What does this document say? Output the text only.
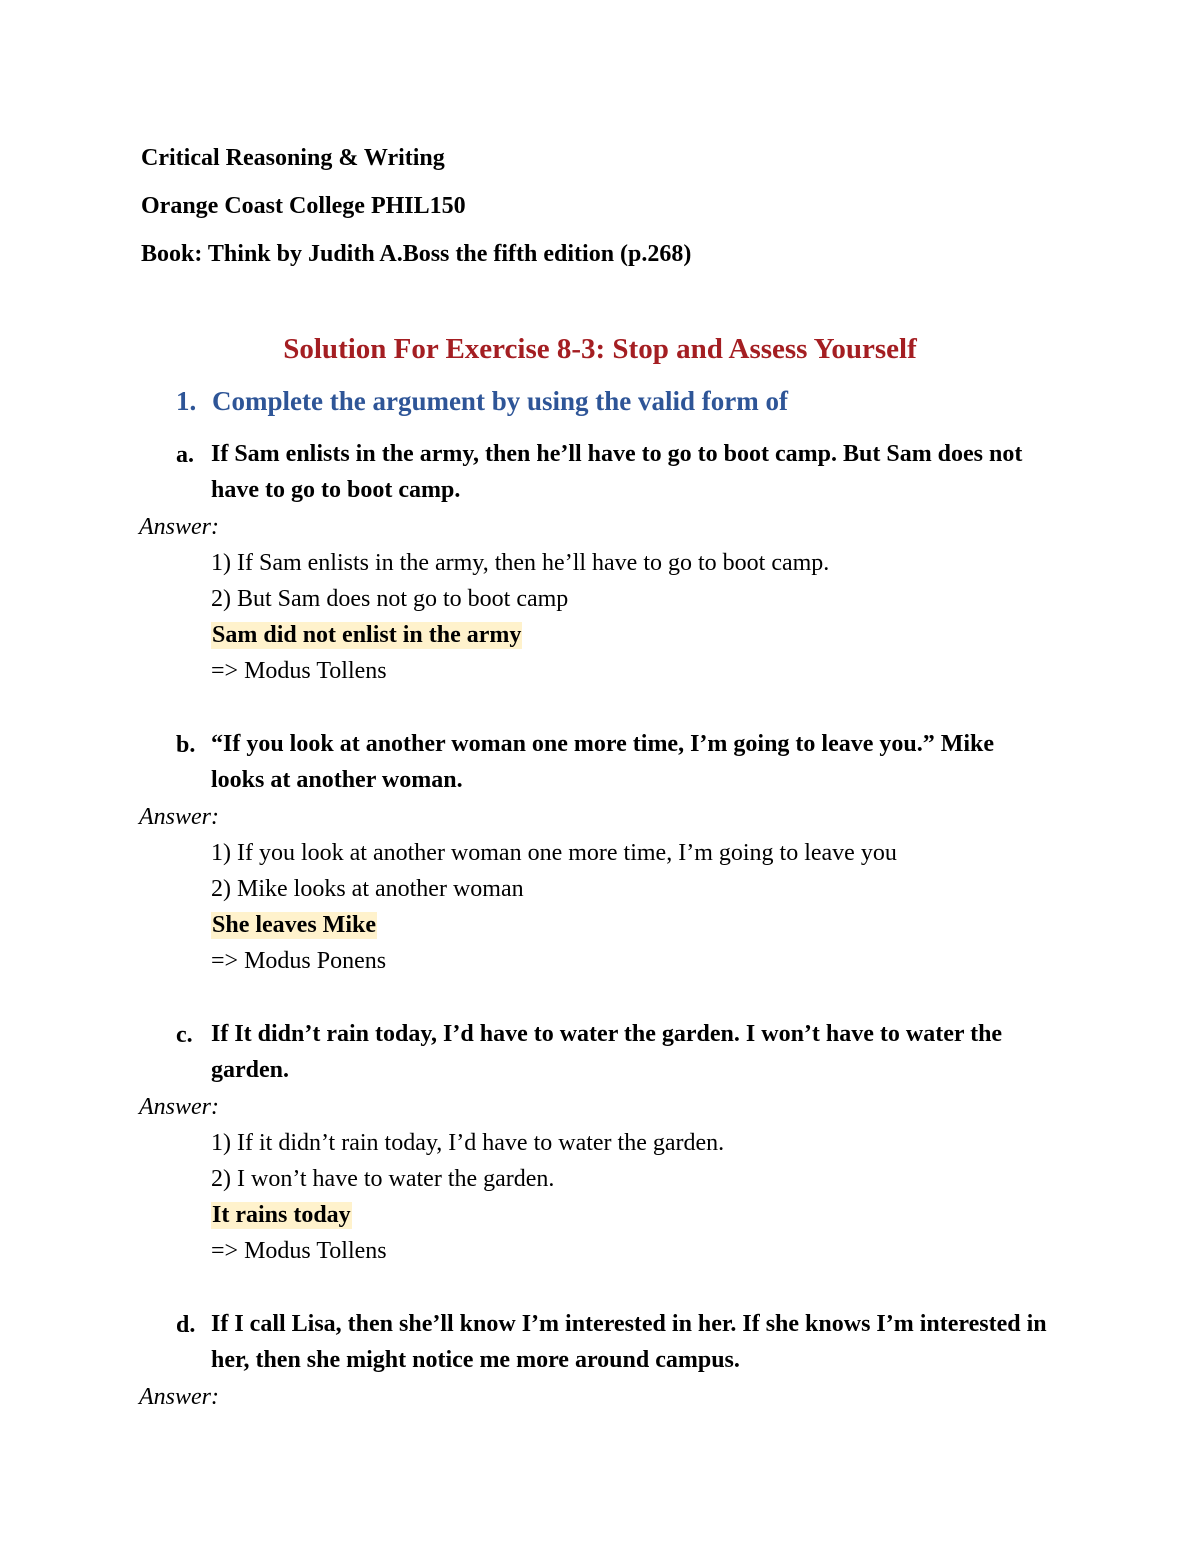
Critical Reasoning & Writing
Orange Coast College PHIL150
Book: Think by Judith A.Boss the fifth edition (p.268)
Solution For Exercise 8-3: Stop and Assess Yourself
1. Complete the argument by using the valid form of
a. If Sam enlists in the army, then he’ll have to go to boot camp. But Sam does not have to go to boot camp.
Answer:
1) If Sam enlists in the army, then he’ll have to go to boot camp.
2) But Sam does not go to boot camp
Sam did not enlist in the army
=> Modus Tollens
b. “If you look at another woman one more time, I’m going to leave you.” Mike looks at another woman.
Answer:
1) If you look at another woman one more time, I’m going to leave you
2) Mike looks at another woman
She leaves Mike
=> Modus Ponens
c. If It didn’t rain today, I’d have to water the garden. I won’t have to water the garden.
Answer:
1) If it didn’t rain today, I’d have to water the garden.
2) I won’t have to water the garden.
It rains today
=> Modus Tollens
d. If I call Lisa, then she’ll know I’m interested in her. If she knows I’m interested in her, then she might notice me more around campus.
Answer:
